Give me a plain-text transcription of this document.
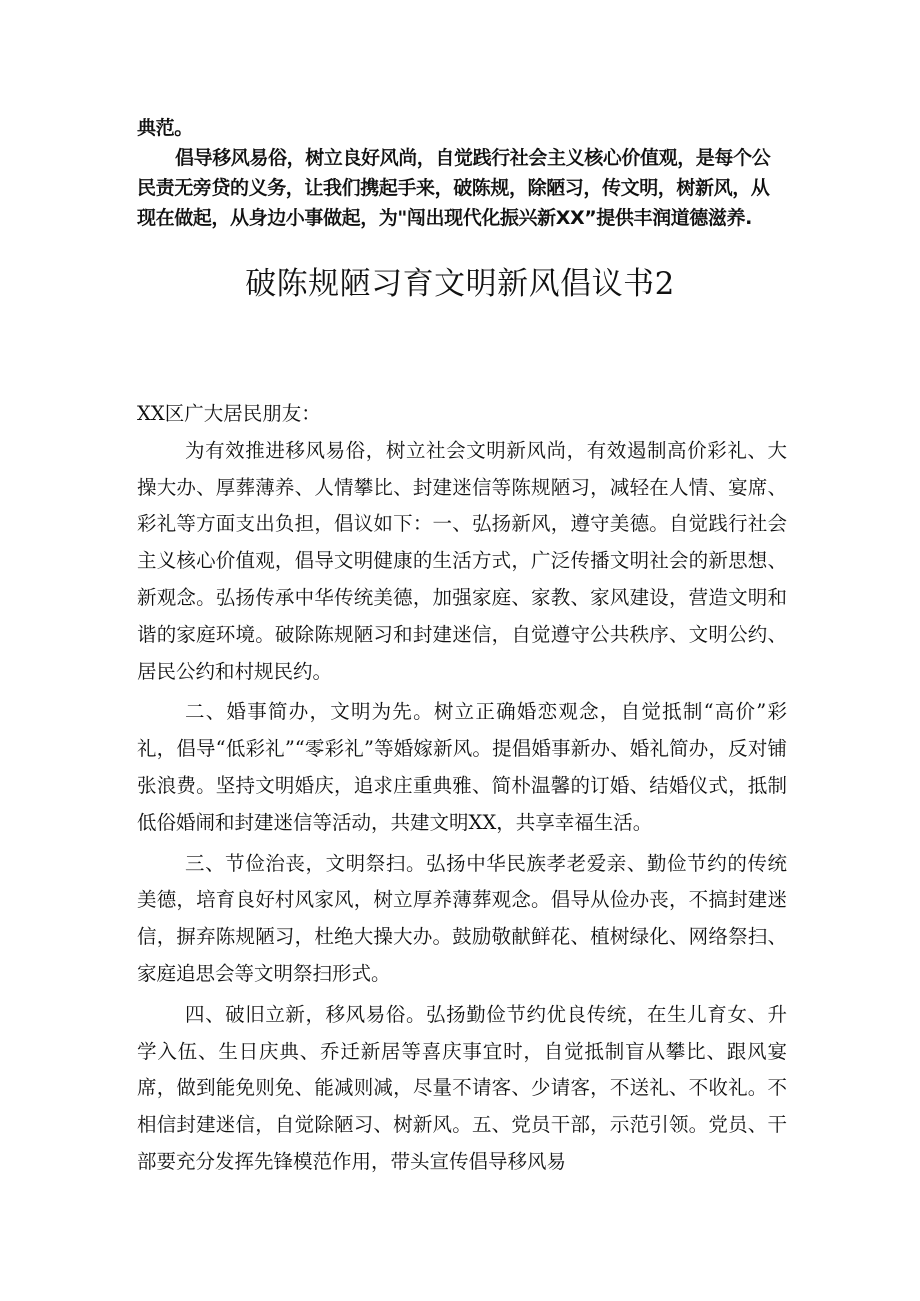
典范。

倡导移风易俗，树立良好风尚，自觉践行社会主义核心价值观，是每个公民责无旁贷的义务，让我们携起手来，破陈规，除陋习，传文明，树新风，从现在做起，从身边小事做起，为"闯出现代化振兴新XX”提供丰润道德滋养.

破陈规陋习育文明新风倡议书2

XX区广大居民朋友：

为有效推进移风易俗，树立社会文明新风尚，有效遏制高价彩礼、大操大办、厚葬薄养、人情攀比、封建迷信等陈规陋习，减轻在人情、宴席、彩礼等方面支出负担，倡议如下：一、弘扬新风，遵守美德。自觉践行社会主义核心价值观，倡导文明健康的生活方式，广泛传播文明社会的新思想、新观念。弘扬传承中华传统美德，加强家庭、家教、家风建设，营造文明和谐的家庭环境。破除陈规陋习和封建迷信，自觉遵守公共秩序、文明公约、居民公约和村规民约。

二、婚事简办，文明为先。树立正确婚恋观念，自觉抵制“高价”彩礼，倡导“低彩礼”“零彩礼”等婚嫁新风。提倡婚事新办、婚礼简办，反对铺张浪费。坚持文明婚庆，追求庄重典雅、简朴温馨的订婚、结婚仪式，抵制低俗婚闹和封建迷信等活动，共建文明XX，共享幸福生活。

三、节俭治丧，文明祭扫。弘扬中华民族孝老爱亲、勤俭节约的传统美德，培育良好村风家风，树立厚养薄葬观念。倡导从俭办丧，不搞封建迷信，摒弃陈规陋习，杜绝大操大办。鼓励敬献鲜花、植树绿化、网络祭扫、家庭追思会等文明祭扫形式。

四、破旧立新，移风易俗。弘扬勤俭节约优良传统，在生儿育女、升学入伍、生日庆典、乔迁新居等喜庆事宜时，自觉抵制盲从攀比、跟风宴席，做到能免则免、能减则减，尽量不请客、少请客，不送礼、不收礼。不相信封建迷信，自觉除陋习、树新风。五、党员干部，示范引领。党员、干部要充分发挥先锋模范作用，带头宣传倡导移风易
